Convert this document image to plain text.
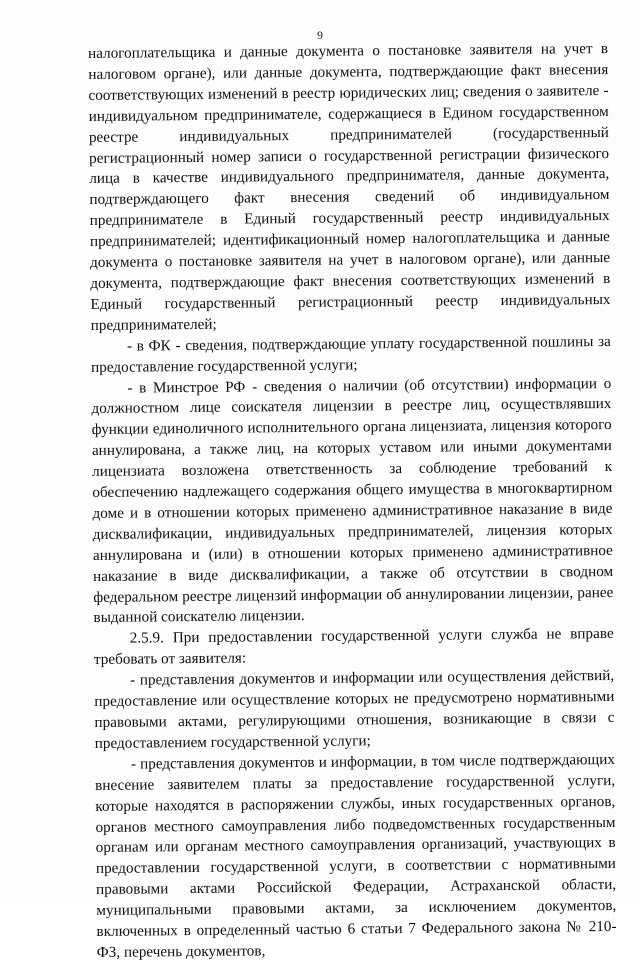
9

налогоплательщика и данные документа о постановке заявителя на учет в налоговом органе), или данные документа, подтверждающие факт внесения соответствующих изменений в реестр юридических лиц; сведения о заявителе - индивидуальном предпринимателе, содержащиеся в Едином государственном реестре индивидуальных предпринимателей (государственный регистрационный номер записи о государственной регистрации физического лица в качестве индивидуального предпринимателя, данные документа, подтверждающего факт внесения сведений об индивидуальном предпринимателе в Единый государственный реестр индивидуальных предпринимателей; идентификационный номер налогоплательщика и данные документа о постановке заявителя на учет в налоговом органе), или данные документа, подтверждающие факт внесения соответствующих изменений в Единый государственный регистрационный реестр индивидуальных предпринимателей;

- в ФК - сведения, подтверждающие уплату государственной пошлины за предоставление государственной услуги;

- в Минстрое РФ - сведения о наличии (об отсутствии) информации о должностном лице соискателя лицензии в реестре лиц, осуществлявших функции единоличного исполнительного органа лицензиата, лицензия которого аннулирована, а также лиц, на которых уставом или иными документами лицензиата возложена ответственность за соблюдение требований к обеспечению надлежащего содержания общего имущества в многоквартирном доме и в отношении которых применено административное наказание в виде дисквалификации, индивидуальных предпринимателей, лицензия которых аннулирована и (или) в отношении которых применено административное наказание в виде дисквалификации, а также об отсутствии в сводном федеральном реестре лицензий информации об аннулировании лицензии, ранее выданной соискателю лицензии.

2.5.9. При предоставлении государственной услуги служба не вправе требовать от заявителя:

- представления документов и информации или осуществления действий, предоставление или осуществление которых не предусмотрено нормативными правовыми актами, регулирующими отношения, возникающие в связи с предоставлением государственной услуги;

- представления документов и информации, в том числе подтверждающих внесение заявителем платы за предоставление государственной услуги, которые находятся в распоряжении службы, иных государственных органов, органов местного самоуправления либо подведомственных государственным органам или органам местного самоуправления организаций, участвующих в предоставлении государственной услуги, в соответствии с нормативными правовыми актами Российской Федерации, Астраханской области, муниципальными правовыми актами, за исключением документов, включенных в определенный частью 6 статьи 7 Федерального закона № 210-ФЗ, перечень документов,
